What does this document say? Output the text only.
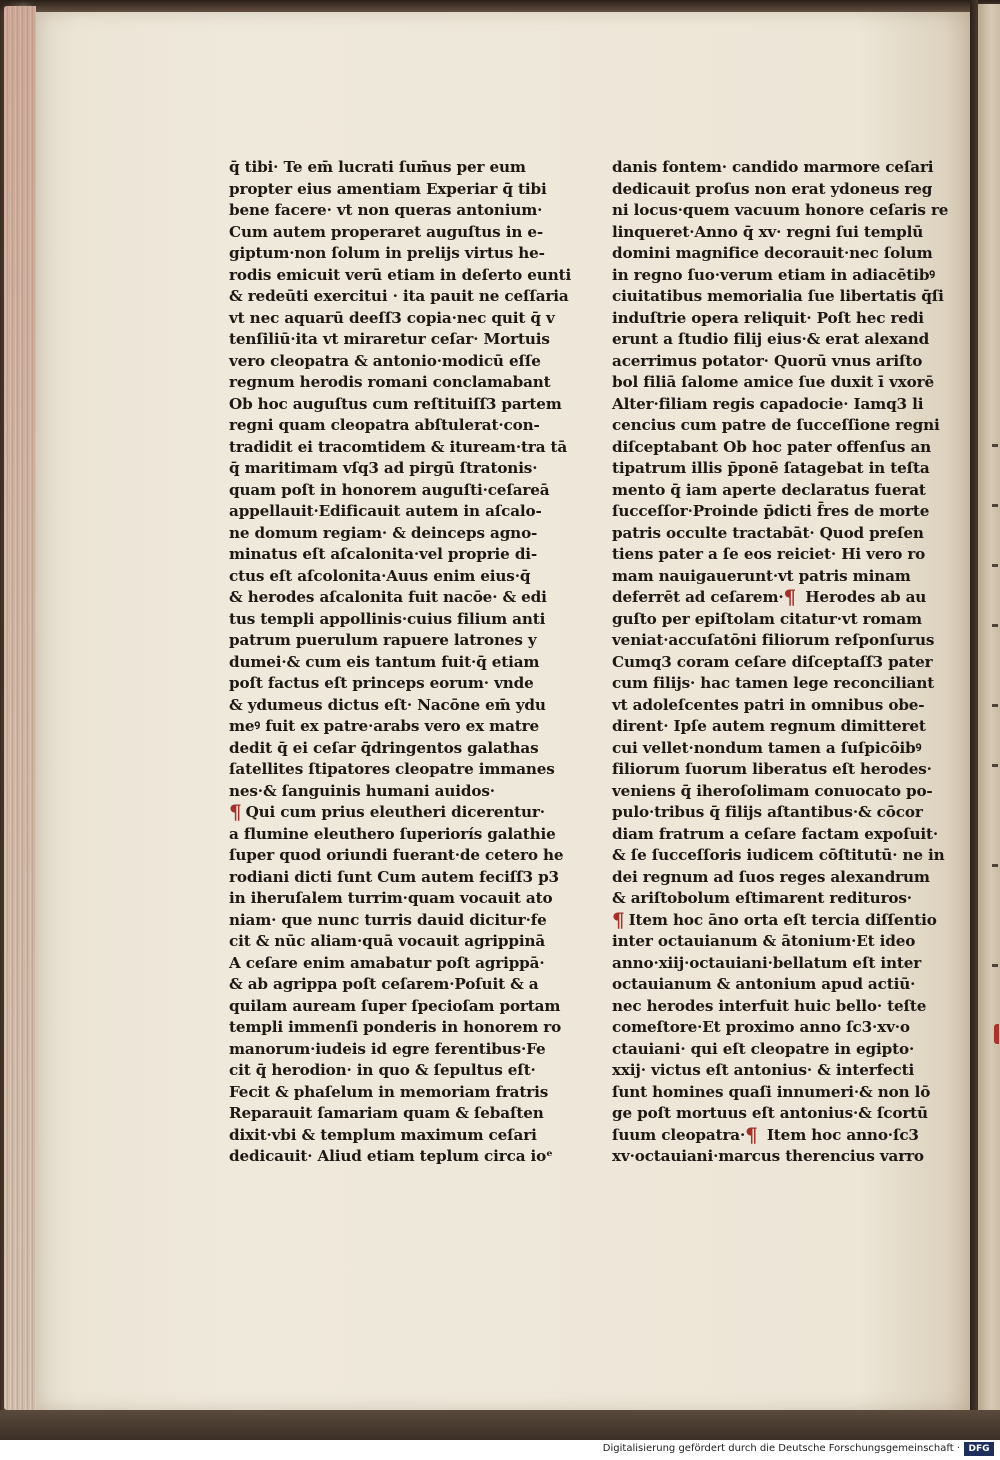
q̄ tibi· Te em̄ lucrati ſum̄us per eum
propter eius amentiam Experiar q̄ tibi
bene facere· vt non queras antonium·
Cum autem properaret auguſtus in e-
giptum·non ſolum in prelijs virtus he-
rodis emicuit verū etiam in deſerto eunti
& redeūti exercitui · ita pauit ne ceſſaria
vt nec aquarū deeſſ3 copia·nec quit q̄ v
tenſiliū·ita vt miraretur ceſar· Mortuis
vero cleopatra & antonio·modicū eſſe
regnum herodis romani conclamabant
Ob hoc auguſtus cum reſtituiſſ3 partem
regni quam cleopatra abſtulerat·con-
tradidit ei tracomtidem & ituream·tra tā
q̄ maritimam vſq3 ad pirgū ſtratonis·
quam poſt in honorem auguſti·ceſareā
appellauit·Edificauit autem in aſcalo-
ne domum regiam· & deinceps agno-
minatus eſt aſcalonita·vel proprie di-
ctus eſt aſcolonita·Auus enim eius·q̄
& herodes aſcalonita fuit nacōe· & edi
tus templi appollinis·cuius filium anti
patrum puerulum rapuere latrones y
dumei·& cum eis tantum fuit·q̄ etiam
poſt factus eſt princeps eorum· vnde
& ydumeus dictus eſt· Nacōne em̄ ydu
meꝰ fuit ex patre·arabs vero ex matre
dedit q̄ ei ceſar q̄dringentos galathas
ſatellites ſtipatores cleopatre immanes
nes·& ſanguinis humani auidos·
¶ Qui cum prius eleutheri dicerentur·
a flumine eleuthero ſuperiorís galathie
ſuper quod oriundi fuerant·de cetero he
rodiani dicti ſunt Cum autem feciſſ3 p3
in iheruſalem turrim·quam vocauit ato
niam· que nunc turris dauid dicitur·fe
cit & nūc aliam·quā vocauit agrippinā
A ceſare enim amabatur poſt agrippā·
& ab agrippa poſt ceſarem·Poſuit & a
quilam auream ſuper ſpecioſam portam
templi immenſi ponderis in honorem ro
manorum·iudeis id egre ferentibus·Fe
cit q̄ herodion· in quo & ſepultus eſt·
Fecit & phaſelum in memoriam fratris
Reparauit ſamariam quam & ſebaſten
dixit·vbi & templum maximum ceſari
dedicauit· Aliud etiam teplum circa ioᵉ
danis fontem· candido marmore ceſari
dedicauit proſus non erat ydoneus reg
ni locus·quem vacuum honore ceſaris re
linqueret·Anno q̄ xv· regni ſui templū
domini magnifice decorauit·nec ſolum
in regno ſuo·verum etiam in adiacētibꝰ
ciuitatibus memorialia ſue libertatis q̄ſi
induſtrie opera reliquit· Poſt hec redi
erunt a ſtudio filij eius·& erat alexand
acerrimus potator· Quorū vnus ariſto
bol filiā ſalome amice ſue duxit ī vxorē
Alter·filiam regis capadocie· Iamq3 li
cencius cum patre de ſucceſſione regni
diſceptabant Ob hoc pater offenſus an
tipatrum illis p̄ponē ſatagebat in teſta
mento q̄ iam aperte declaratus fuerat
ſucceſſor·Proinde p̄dicti f̄res de morte
patris occulte tractabāt· Quod preſen
tiens pater a ſe eos reiciet· Hi vero ro
mam nauigauerunt·vt patris minam
deferrēt ad ceſarem·¶ Herodes ab au
guſto per epiſtolam citatur·vt romam
veniat·accuſatōni filiorum reſponſurus
Cumq3 coram ceſare diſceptaſſ3 pater
cum filijs· hac tamen lege reconciliant
vt adoleſcentes patri in omnibus obe-
dirent· Ipſe autem regnum dimitteret
cui vellet·nondum tamen a ſuſpicōibꝰ
filiorum ſuorum liberatus eſt herodes·
veniens q̄ iheroſolimam conuocato po-
pulo·tribus q̄ filijs aſtantibus·& cōcor
diam fratrum a ceſare factam expoſuit·
& ſe ſucceſſoris iudicem cōſtitutū· ne in
dei regnum ad ſuos reges alexandrum
& ariſtobolum eſtimarent redituros·
¶ Item hoc āno orta eſt tercia diſſentio
inter octauianum & ātonium·Et ideo
anno·xiij·octauiani·bellatum eſt inter
octauianum & antonium apud actiū·
nec herodes interfuit huic bello· teſte
comeſtore·Et proximo anno ſc3·xv·o
ctauiani· qui eſt cleopatre in egipto·
xxij· victus eſt antonius· & interfecti
ſunt homines quaſi innumeri·& non lō
ge poſt mortuus eſt antonius·& ſcortū
ſuum cleopatra·¶ Item hoc anno·ſc3
xv·octauiani·marcus therencius varro
Digitalisierung gefördert durch die Deutsche Forschungsgemeinschaft · DFG
